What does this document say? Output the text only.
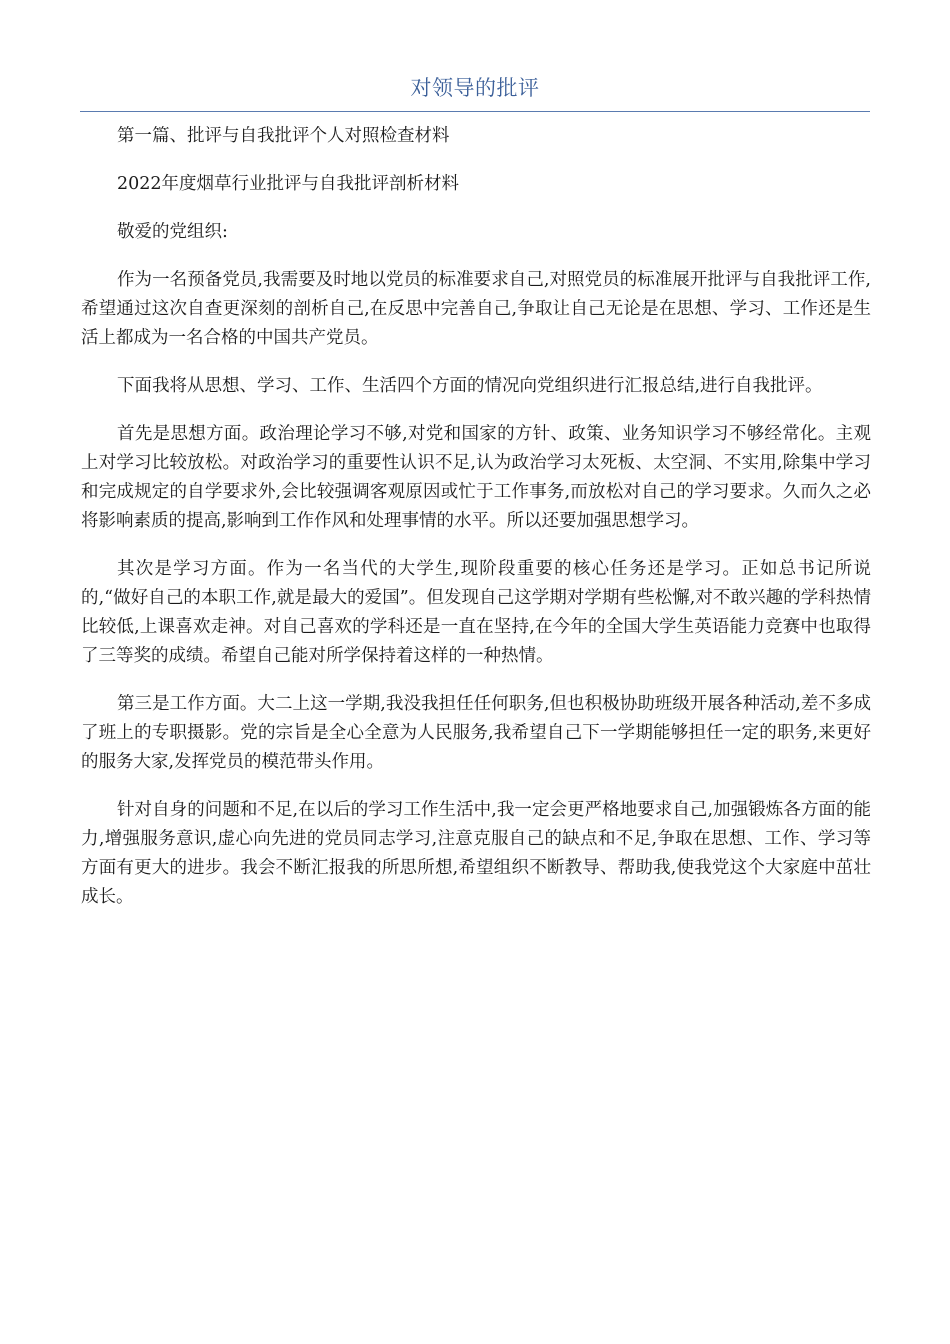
对领导的批评

第一篇、批评与自我批评个人对照检查材料

2022年度烟草行业批评与自我批评剖析材料

敬爱的党组织:

作为一名预备党员,我需要及时地以党员的标准要求自己,对照党员的标准展开批评与自我批评工作,希望通过这次自查更深刻的剖析自己,在反思中完善自己,争取让自己无论是在思想、学习、工作还是生活上都成为一名合格的中国共产党员。

下面我将从思想、学习、工作、生活四个方面的情况向党组织进行汇报总结,进行自我批评。

首先是思想方面。政治理论学习不够,对党和国家的方针、政策、业务知识学习不够经常化。主观上对学习比较放松。对政治学习的重要性认识不足,认为政治学习太死板、太空洞、不实用,除集中学习和完成规定的自学要求外,会比较强调客观原因或忙于工作事务,而放松对自己的学习要求。久而久之必将影响素质的提高,影响到工作作风和处理事情的水平。所以还要加强思想学习。

其次是学习方面。作为一名当代的大学生,现阶段重要的核心任务还是学习。正如总书记所说的,“做好自己的本职工作,就是最大的爱国”。但发现自己这学期对学期有些松懈,对不敢兴趣的学科热情比较低,上课喜欢走神。对自己喜欢的学科还是一直在坚持,在今年的全国大学生英语能力竞赛中也取得了三等奖的成绩。希望自己能对所学保持着这样的一种热情。

第三是工作方面。大二上这一学期,我没我担任任何职务,但也积极协助班级开展各种活动,差不多成了班上的专职摄影。党的宗旨是全心全意为人民服务,我希望自己下一学期能够担任一定的职务,来更好的服务大家,发挥党员的模范带头作用。

针对自身的问题和不足,在以后的学习工作生活中,我一定会更严格地要求自己,加强锻炼各方面的能力,增强服务意识,虚心向先进的党员同志学习,注意克服自己的缺点和不足,争取在思想、工作、学习等方面有更大的进步。我会不断汇报我的所思所想,希望组织不断教导、帮助我,使我党这个大家庭中茁壮成长。
